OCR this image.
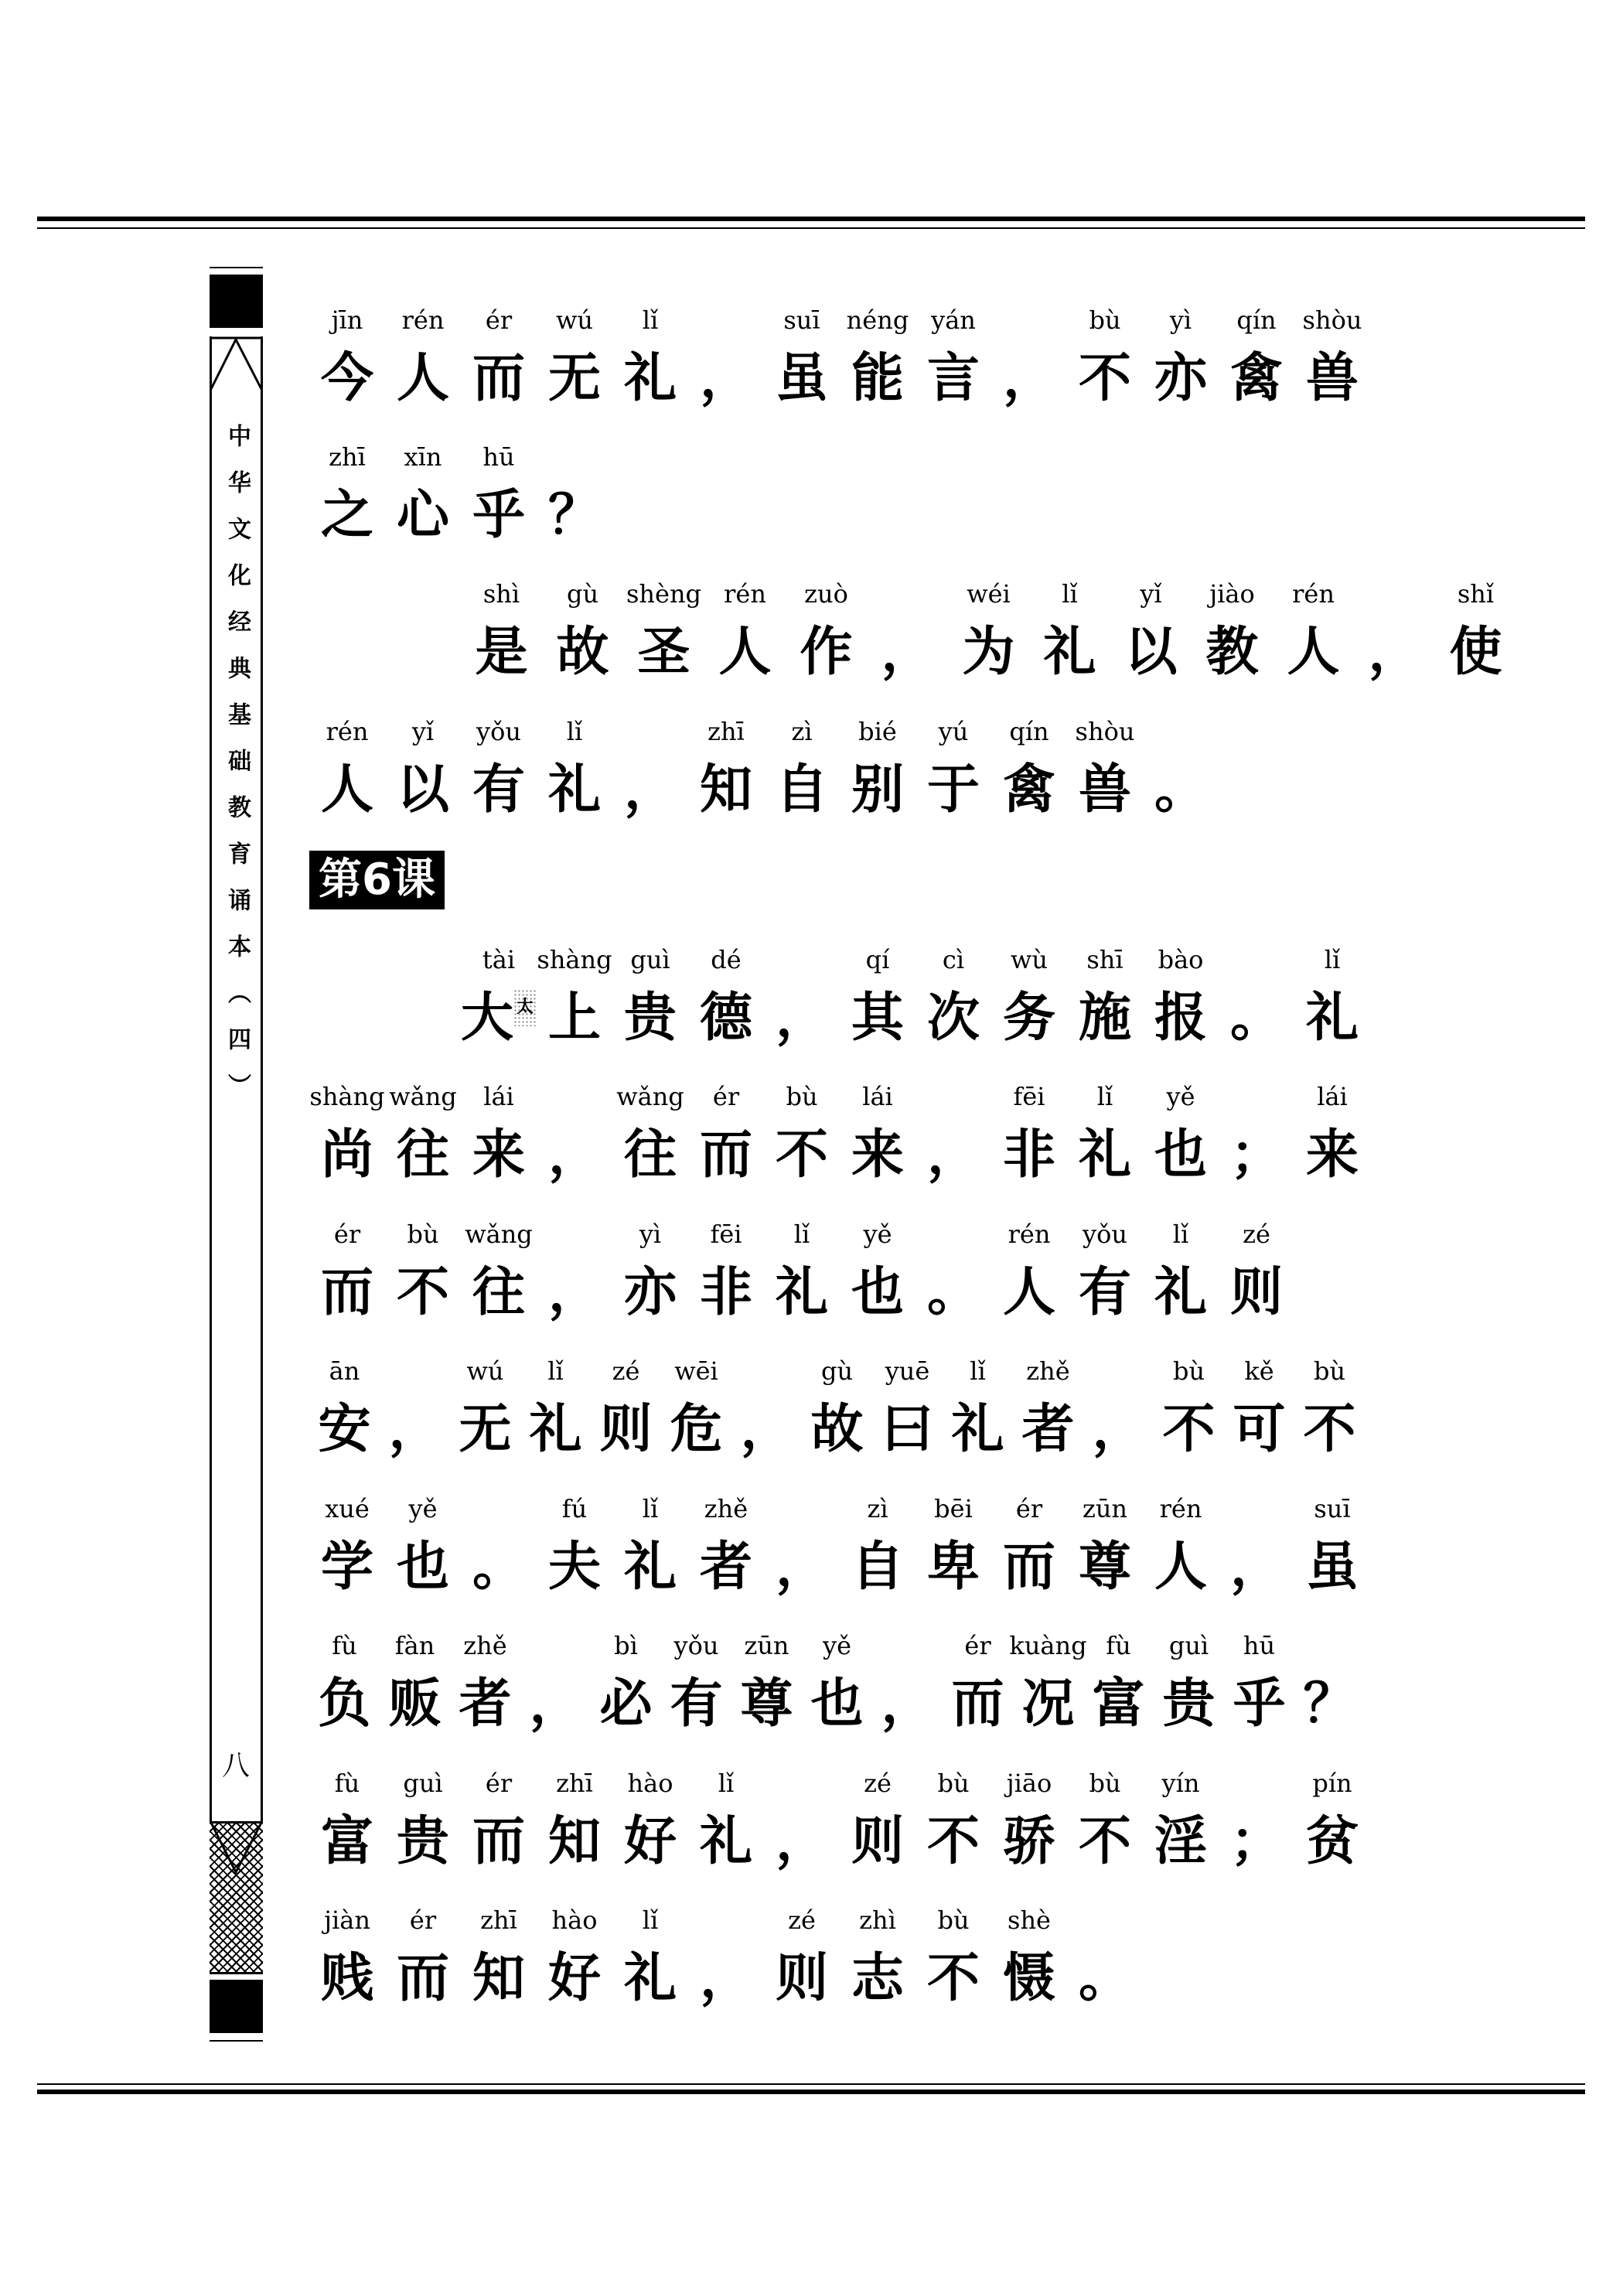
中华文化经典基础教育诵本（四）
八
第6课
jīn
今
rén
人
ér
而
wú
无
lǐ
礼 ，
suī
虽
néng
能
yán
言 ，
bù
不
yì
亦
qín
禽
shòu
兽
zhī
之
xīn
心
hū
乎 ？
shì
是
gù
故
shèng
圣
rén
人
zuò
作 ，
wéi
为
lǐ
礼
yǐ
以
jiào
教
rén
人 ，
shǐ
使
rén
人
yǐ
以
yǒu
有
lǐ
礼 ，
zhī
知
zì
自
bié
别
yú
于
qín
禽
shòu
兽 。
tài
大 太
shàng
上
guì
贵
dé
德 ，
qí
其
cì
次
wù
务
shī
施
bào
报 。
lǐ
礼
shàng
尚
wǎng
往
lái
来 ，
wǎng
往
ér
而
bù
不
lái
来 ，
fēi
非
lǐ
礼
yě
也 ；
lái
来
ér
而
bù
不
wǎng
往 ，
yì
亦
fēi
非
lǐ
礼
yě
也 。
rén
人
yǒu
有
lǐ
礼
zé
则
ān
安 ，
wú
无
lǐ
礼
zé
则
wēi
危 ，
gù
故
yuē
曰
lǐ
礼
zhě
者 ，
bù
不
kě
可
bù
不
xué
学
yě
也 。
fú
夫
lǐ
礼
zhě
者 ，
zì
自
bēi
卑
ér
而
zūn
尊
rén
人 ，
suī
虽
fù
负
fàn
贩
zhě
者 ，
bì
必
yǒu
有
zūn
尊
yě
也 ，
ér
而
kuàng
况
fù
富
guì
贵
hū
乎 ？
fù
富
guì
贵
ér
而
zhī
知
hào
好
lǐ
礼 ，
zé
则
bù
不
jiāo
骄
bù
不
yín
淫 ；
pín
贫
jiàn
贱
ér
而
zhī
知
hào
好
lǐ
礼 ，
zé
则
zhì
志
bù
不
shè
慑 。
